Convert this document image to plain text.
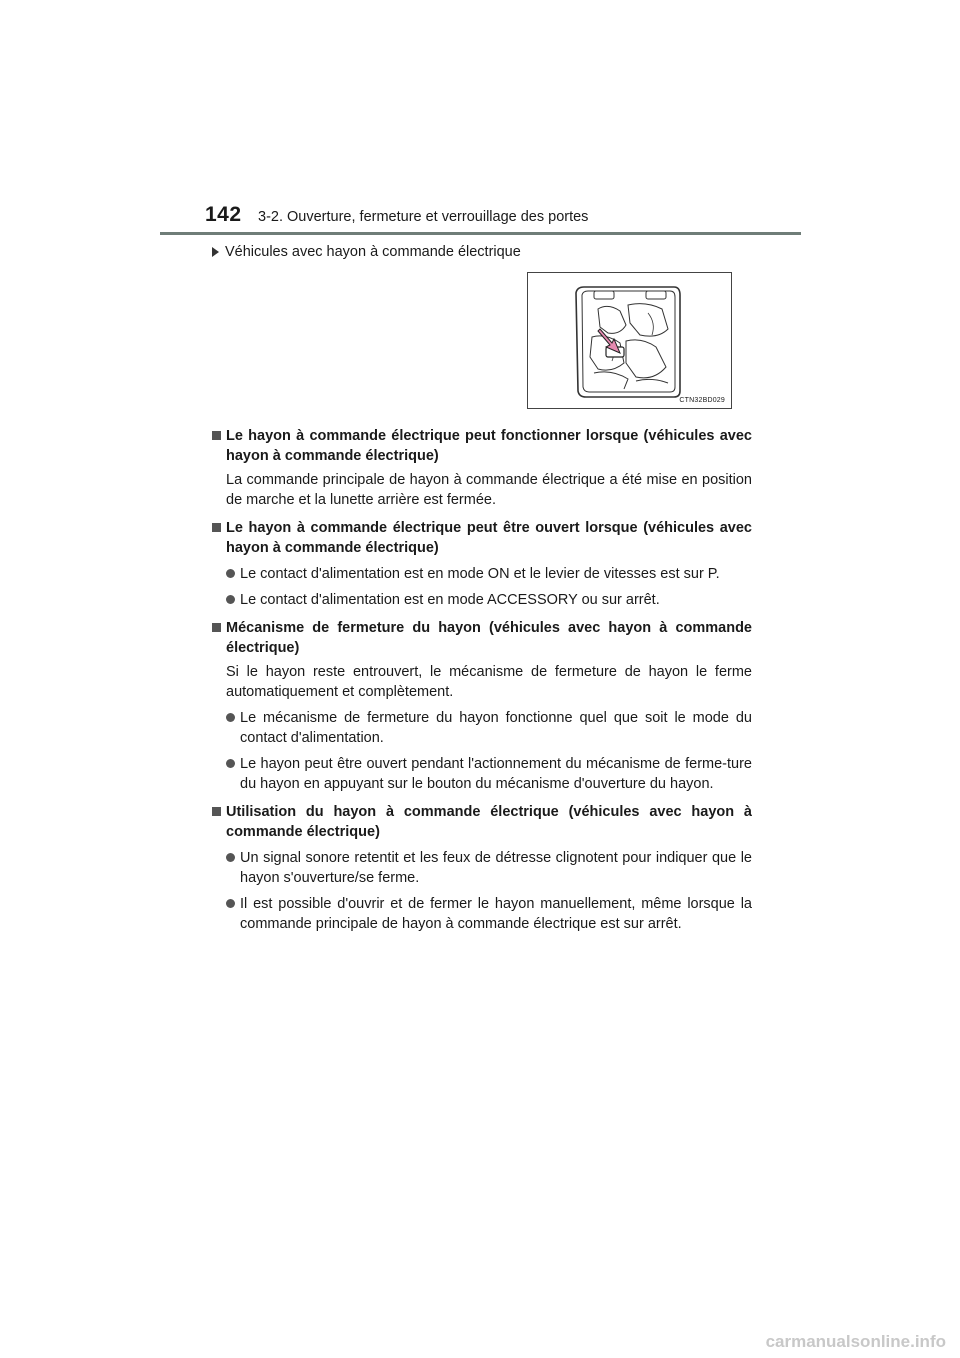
142 3-2. Ouverture, fermeture et verrouillage des portes
Véhicules avec hayon à commande électrique
CTN32BD029
Le hayon à commande électrique peut fonctionner lorsque (véhicules avec hayon à commande électrique)
La commande principale de hayon à commande électrique a été mise en position de marche et la lunette arrière est fermée.
Le hayon à commande électrique peut être ouvert lorsque (véhicules avec hayon à commande électrique)
Le contact d'alimentation est en mode ON et le levier de vitesses est sur P.
Le contact d'alimentation est en mode ACCESSORY ou sur arrêt.
Mécanisme de fermeture du hayon (véhicules avec hayon à commande électrique)
Si le hayon reste entrouvert, le mécanisme de fermeture de hayon le ferme automatiquement et complètement.
Le mécanisme de fermeture du hayon fonctionne quel que soit le mode du contact d'alimentation.
Le hayon peut être ouvert pendant l'actionnement du mécanisme de ferme-ture du hayon en appuyant sur le bouton du mécanisme d'ouverture du hayon.
Utilisation du hayon à commande électrique (véhicules avec hayon à commande électrique)
Un signal sonore retentit et les feux de détresse clignotent pour indiquer que le hayon s'ouverture/se ferme.
Il est possible d'ouvrir et de fermer le hayon manuellement, même lorsque la commande principale de hayon à commande électrique est sur arrêt.
carmanualsonline.info
